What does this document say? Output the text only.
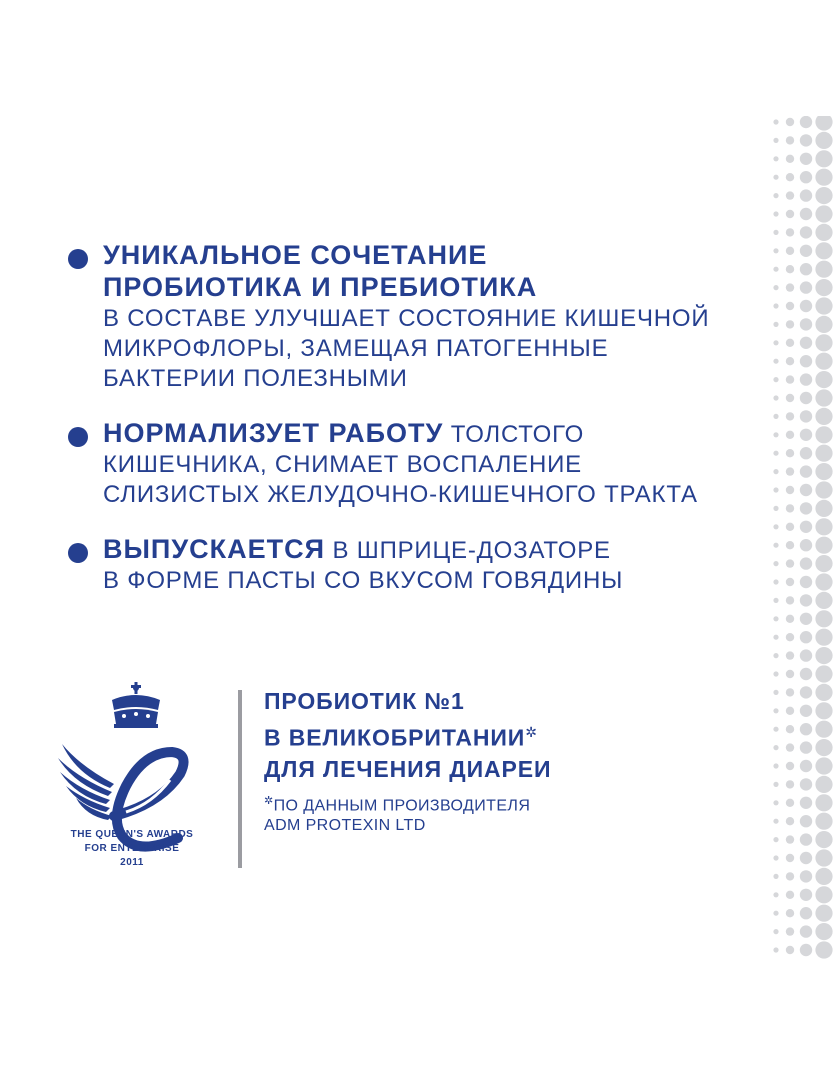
УНИКАЛЬНОЕ СОЧЕТАНИЕ
ПРОБИОТИКА И ПРЕБИОТИКА
В СОСТАВЕ УЛУЧШАЕТ СОСТОЯНИЕ КИШЕЧНОЙ
МИКРОФЛОРЫ, ЗАМЕЩАЯ ПАТОГЕННЫЕ
БАКТЕРИИ ПОЛЕЗНЫМИ
НОРМАЛИЗУЕТ РАБОТУ ТОЛСТОГО
КИШЕЧНИКА, СНИМАЕТ ВОСПАЛЕНИЕ
СЛИЗИСТЫХ ЖЕЛУДОЧНО-КИШЕЧНОГО ТРАКТА
ВЫПУСКАЕТСЯ В ШПРИЦЕ-ДОЗАТОРЕ
В ФОРМЕ ПАСТЫ СО ВКУСОМ ГОВЯДИНЫ
THE QUEEN'S AWARDS
FOR ENTERPRISE
2011
ПРОБИОТИК №1
В ВЕЛИКОБРИТАНИИ✲
ДЛЯ ЛЕЧЕНИЯ ДИАРЕИ
✲ПО ДАННЫМ ПРОИЗВОДИТЕЛЯ
ADM PROTEXIN LTD
